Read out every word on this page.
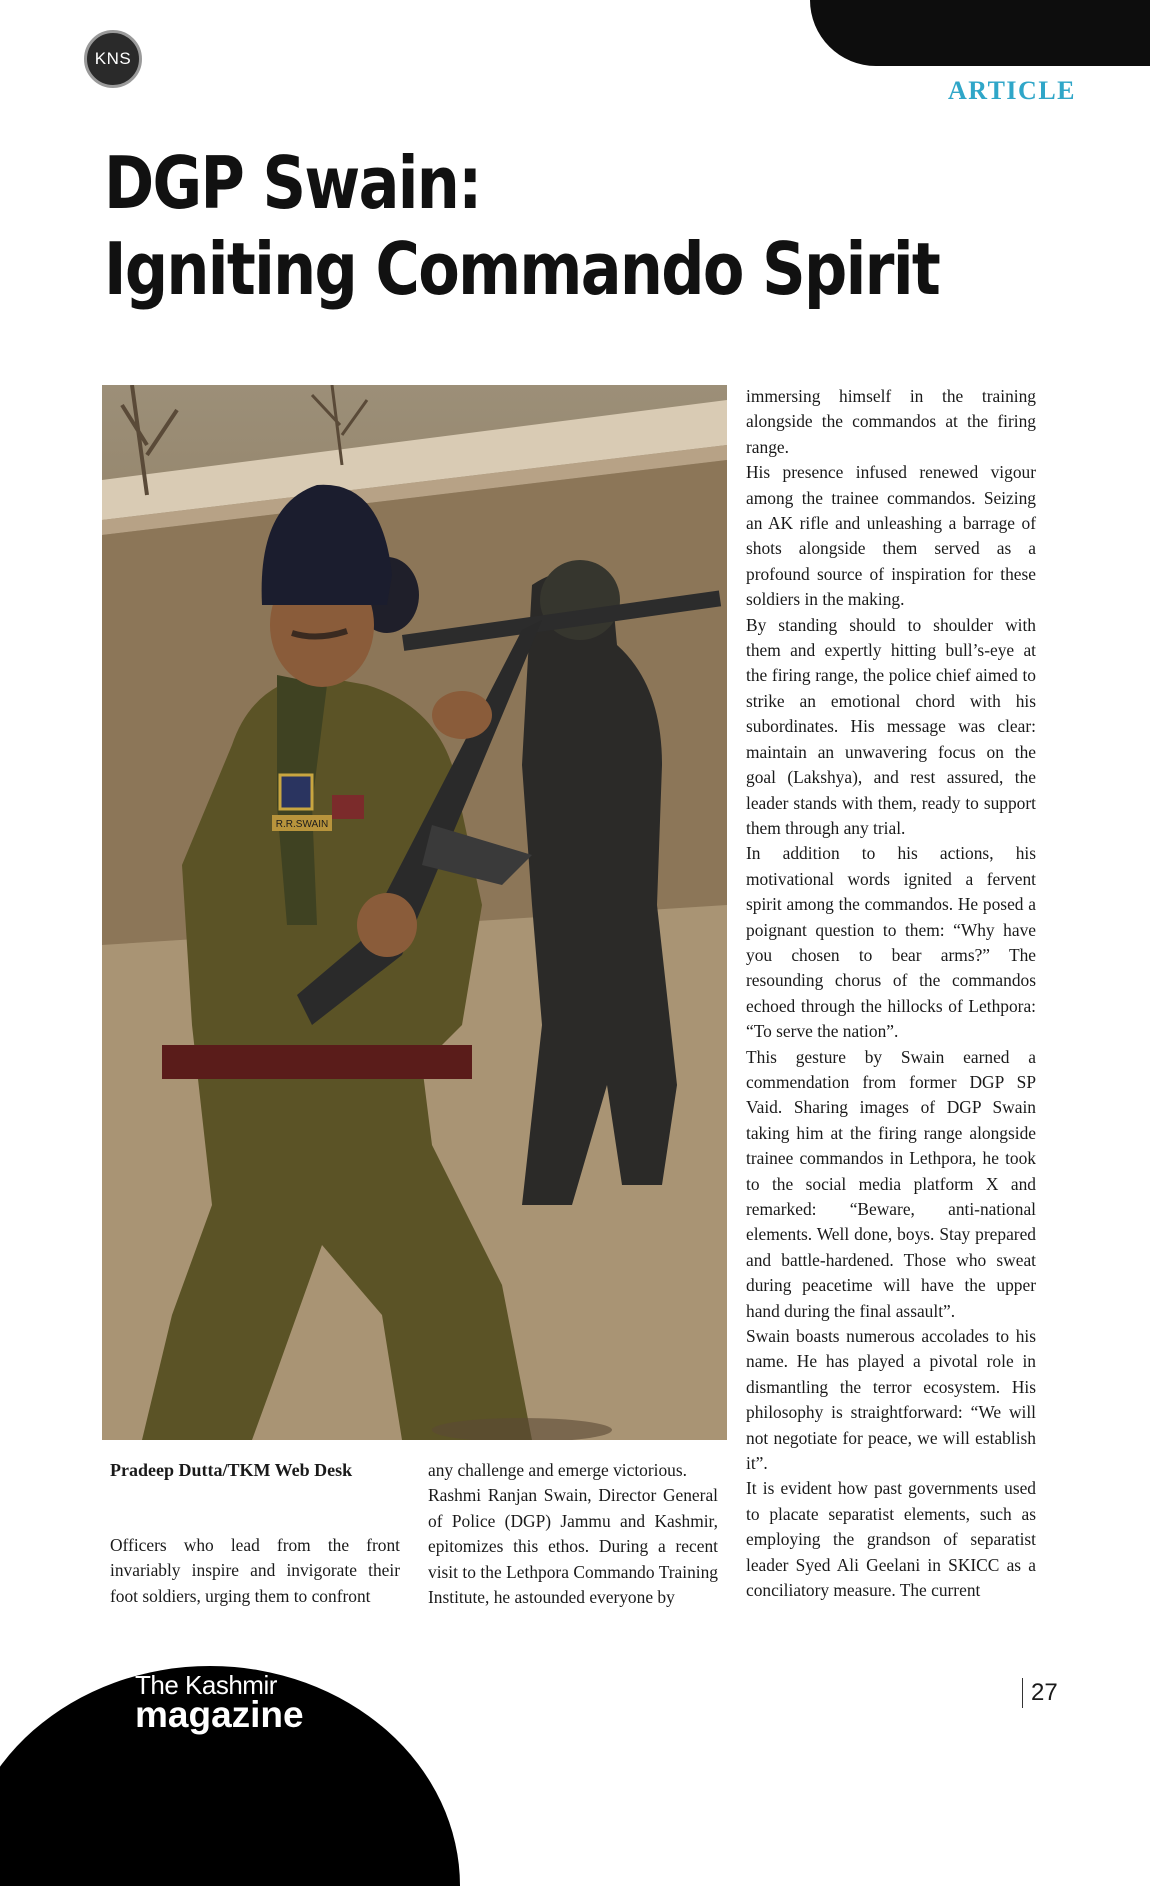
KNS
ARTICLE
DGP Swain:
Igniting Commando Spirit
R.R.SWAIN
Pradeep Dutta/TKM Web Desk

Officers who lead from the front invariably inspire and invigorate their foot soldiers, urging them to confront

any challenge and emerge victorious.

Rashmi Ranjan Swain, Director General of Police (DGP) Jammu and Kashmir, epitomizes this ethos. During a recent visit to the Lethpora Commando Training Institute, he astounded everyone by

immersing himself in the training alongside the commandos at the firing range.

His presence infused renewed vigour among the trainee commandos. Seizing an AK rifle and unleashing a barrage of shots alongside them served as a profound source of inspiration for these soldiers in the making.

By standing should to shoulder with them and expertly hitting bull’s-eye at the firing range, the police chief aimed to strike an emotional chord with his subordinates. His message was clear: maintain an unwavering focus on the goal (Lakshya), and rest assured, the leader stands with them, ready to support them through any trial.

In addition to his actions, his motivational words ignited a fervent spirit among the commandos. He posed a poignant question to them: “Why have you chosen to bear arms?” The resounding chorus of the commandos echoed through the hillocks of Lethpora: “To serve the nation”.

This gesture by Swain earned a commendation from former DGP SP Vaid. Sharing images of DGP Swain taking him at the firing range alongside trainee commandos in Lethpora, he took to the social media platform X and remarked: “Beware, anti-national elements. Well done, boys. Stay prepared and battle-hardened. Those who sweat during peacetime will have the upper hand during the final assault”.

Swain boasts numerous accolades to his name. He has played a pivotal role in dismantling the terror ecosystem. His philosophy is straightforward: “We will not negotiate for peace, we will establish it”.

It is evident how past governments used to placate separatist elements, such as employing the grandson of separatist leader Syed Ali Geelani in SKICC as a conciliatory measure. The current

The Kashmir
magazine
27
